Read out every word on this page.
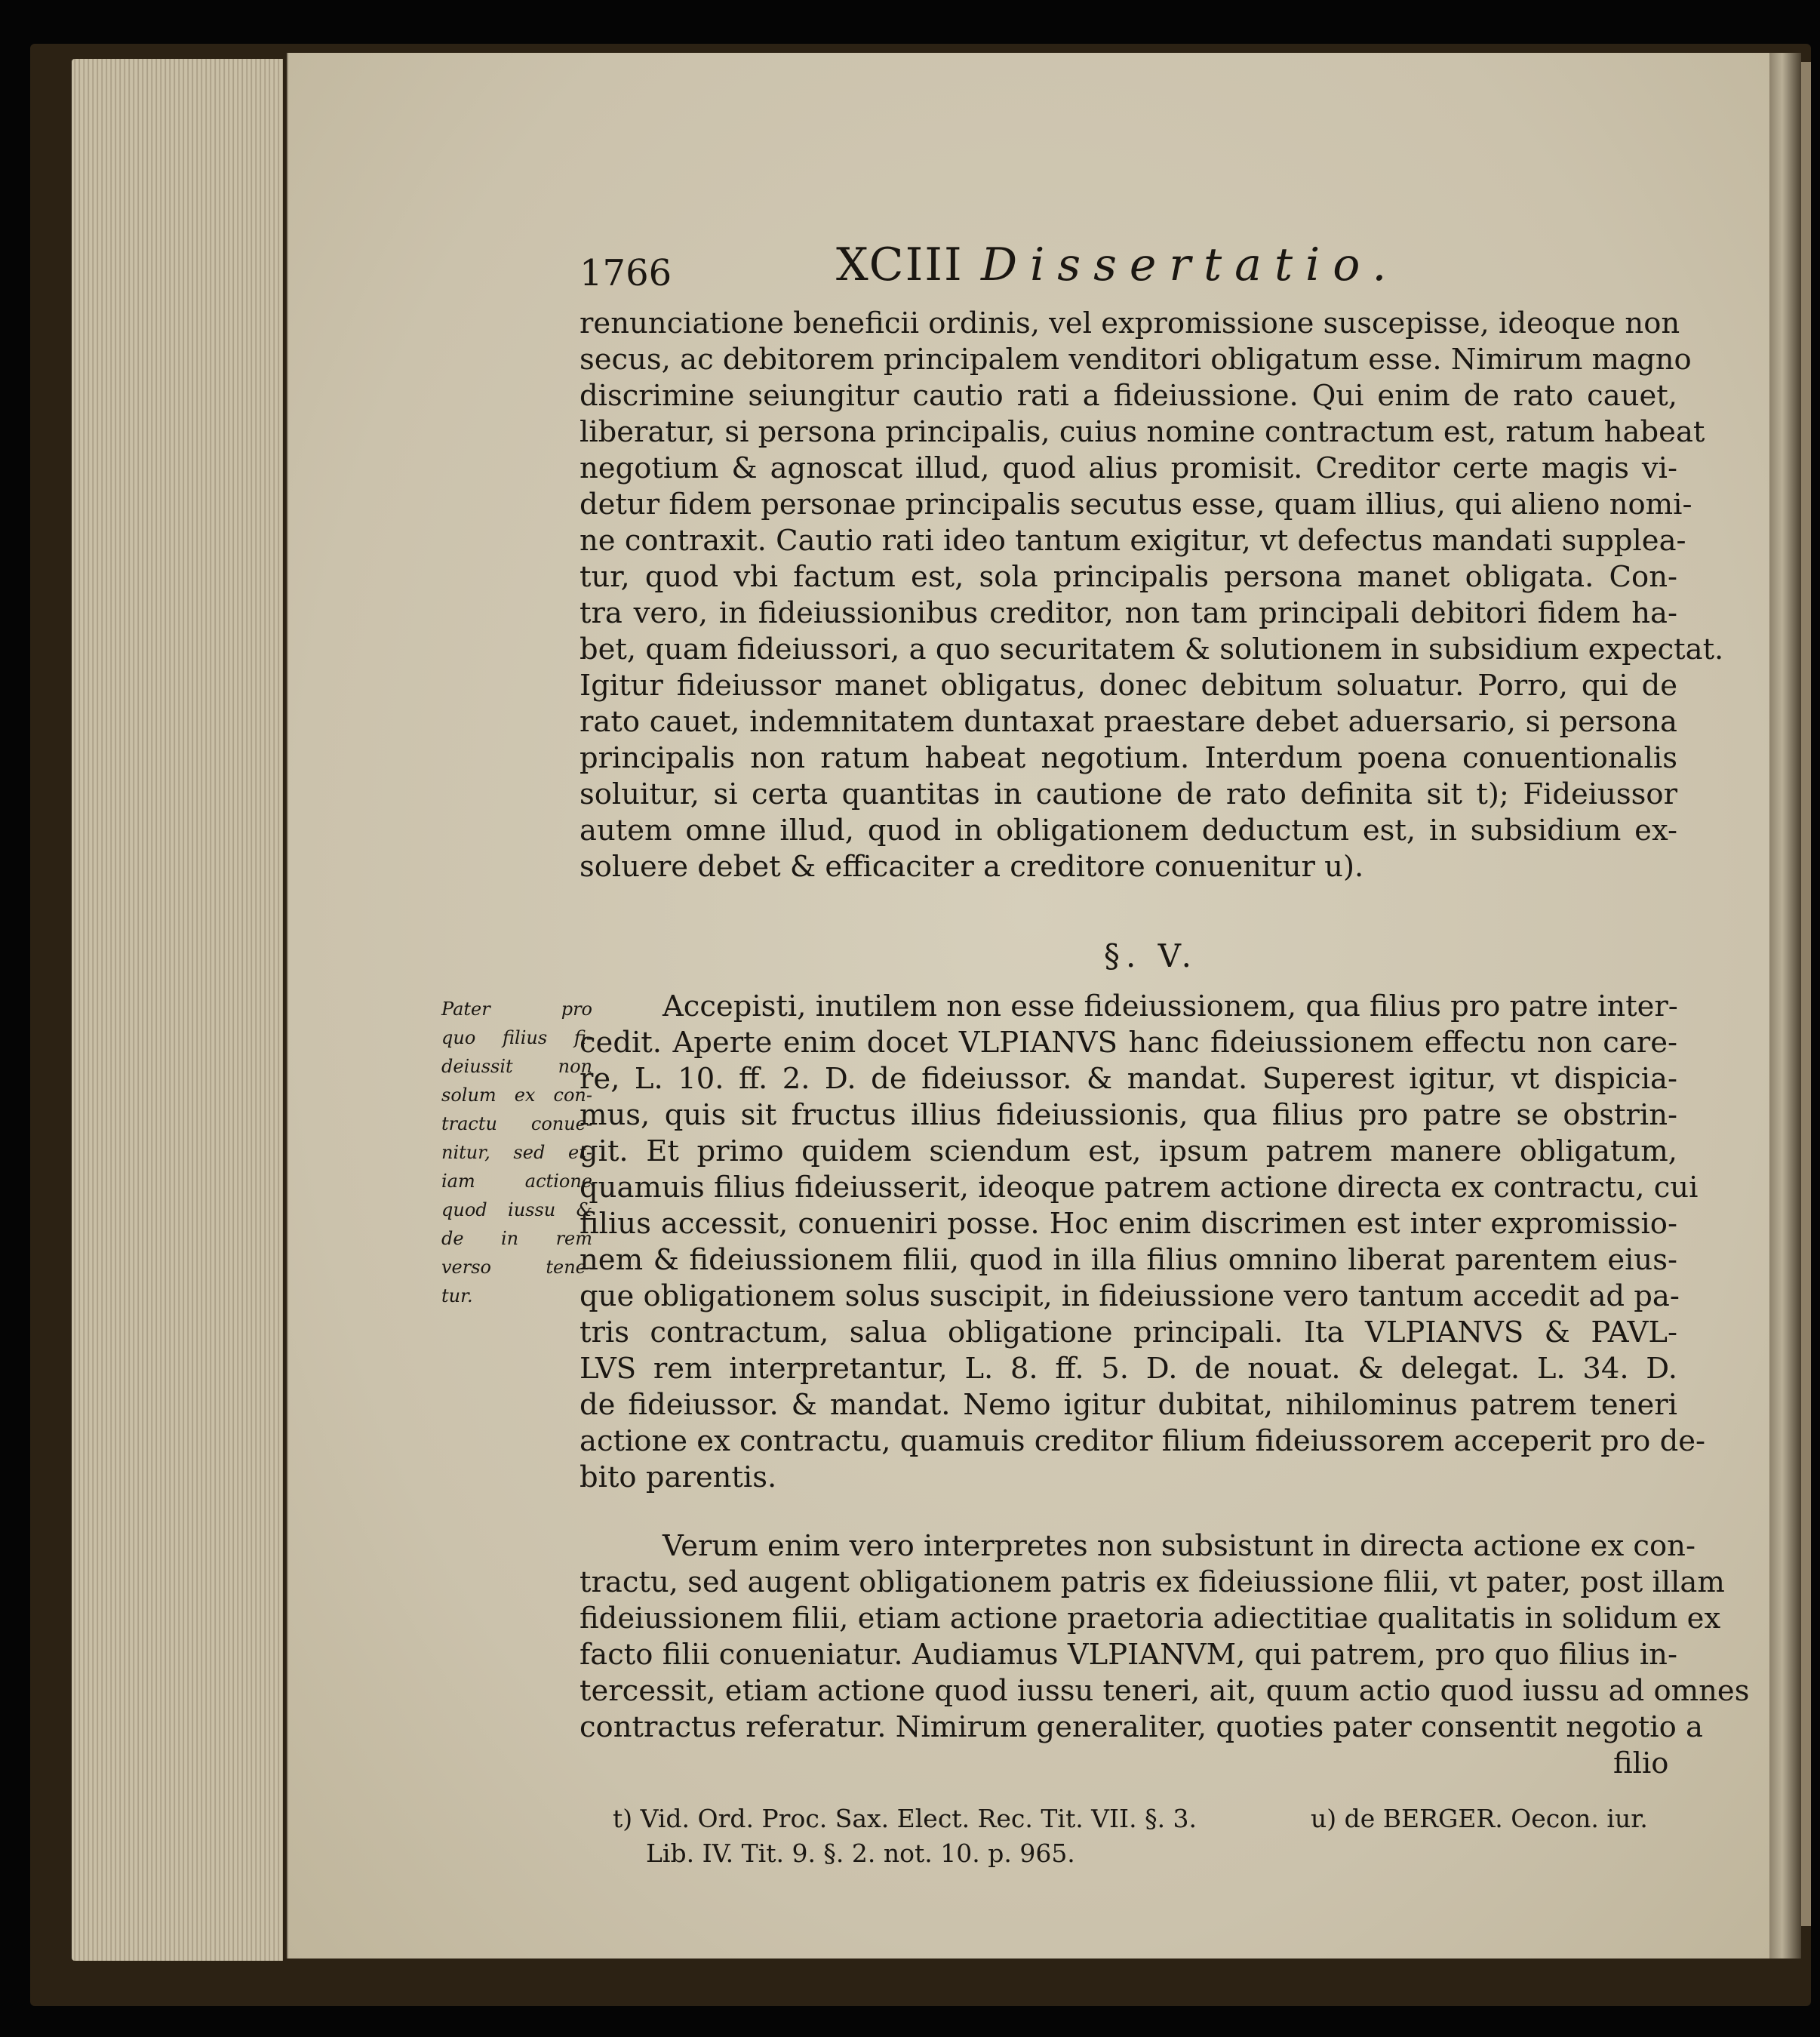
1766	XCIII Dissertatio.
renunciatione beneficii ordinis, vel expromissione suscepisse, ideoque non
secus, ac debitorem principalem venditori obligatum esse. Nimirum magno
discrimine seiungitur cautio rati a fideiussione. Qui enim de rato cauet,
liberatur, si persona principalis, cuius nomine contractum est, ratum habeat
negotium & agnoscat illud, quod alius promisit. Creditor certe magis vi-
detur fidem personae principalis secutus esse, quam illius, qui alieno nomi-
ne contraxit. Cautio rati ideo tantum exigitur, vt defectus mandati supplea-
tur, quod vbi factum est, sola principalis persona manet obligata. Con-
tra vero, in fideiussionibus creditor, non tam principali debitori fidem ha-
bet, quam fideiussori, a quo securitatem & solutionem in subsidium expectat.
Igitur fideiussor manet obligatus, donec debitum soluatur. Porro, qui de
rato cauet, indemnitatem duntaxat praestare debet aduersario, si persona
principalis non ratum habeat negotium. Interdum poena conuentionalis
soluitur, si certa quantitas in cautione de rato definita sit t); Fideiussor
autem omne illud, quod in obligationem deductum est, in subsidium ex-
soluere debet & efficaciter a creditore conuenitur u).
§. V.
Accepisti, inutilem non esse fideiussionem, qua filius pro patre inter-
cedit. Aperte enim docet VLPIANVS hanc fideiussionem effectu non care-
re, L. 10. ff. 2. D. de fideiussor. & mandat. Superest igitur, vt dispicia-
mus, quis sit fructus illius fideiussionis, qua filius pro patre se obstrin-
git. Et primo quidem sciendum est, ipsum patrem manere obligatum,
quamuis filius fideiusserit, ideoque patrem actione directa ex contractu, cui
filius accessit, conueniri posse. Hoc enim discrimen est inter expromissio-
nem & fideiussionem filii, quod in illa filius omnino liberat parentem eius-
que obligationem solus suscipit, in fideiussione vero tantum accedit ad pa-
tris contractum, salua obligatione principali. Ita VLPIANVS & PAVL-
LVS rem interpretantur, L. 8. ff. 5. D. de nouat. & delegat. L. 34. D.
de fideiussor. & mandat. Nemo igitur dubitat, nihilominus patrem teneri
actione ex contractu, quamuis creditor filium fideiussorem acceperit pro de-
bito parentis.
Verum enim vero interpretes non subsistunt in directa actione ex con-
tractu, sed augent obligationem patris ex fideiussione filii, vt pater, post illam
fideiussionem filii, etiam actione praetoria adiectitiae qualitatis in solidum ex
facto filii conueniatur. Audiamus VLPIANVM, qui patrem, pro quo filius in-
tercessit, etiam actione quod iussu teneri, ait, quum actio quod iussu ad omnes
contractus referatur. Nimirum generaliter, quoties pater consentit negotio a
filio
Pater pro
quo filius fi-
deiussit non
solum ex con-
tractu conue-
nitur, sed et-
iam actione
quod iussu &
de in rem
verso tene-
tur.
t) Vid. Ord. Proc. Sax. Elect. Rec. Tit. VII. §. 3.
Lib. IV. Tit. 9. §. 2. not. 10. p. 965.
u) de BERGER. Oecon. iur.
